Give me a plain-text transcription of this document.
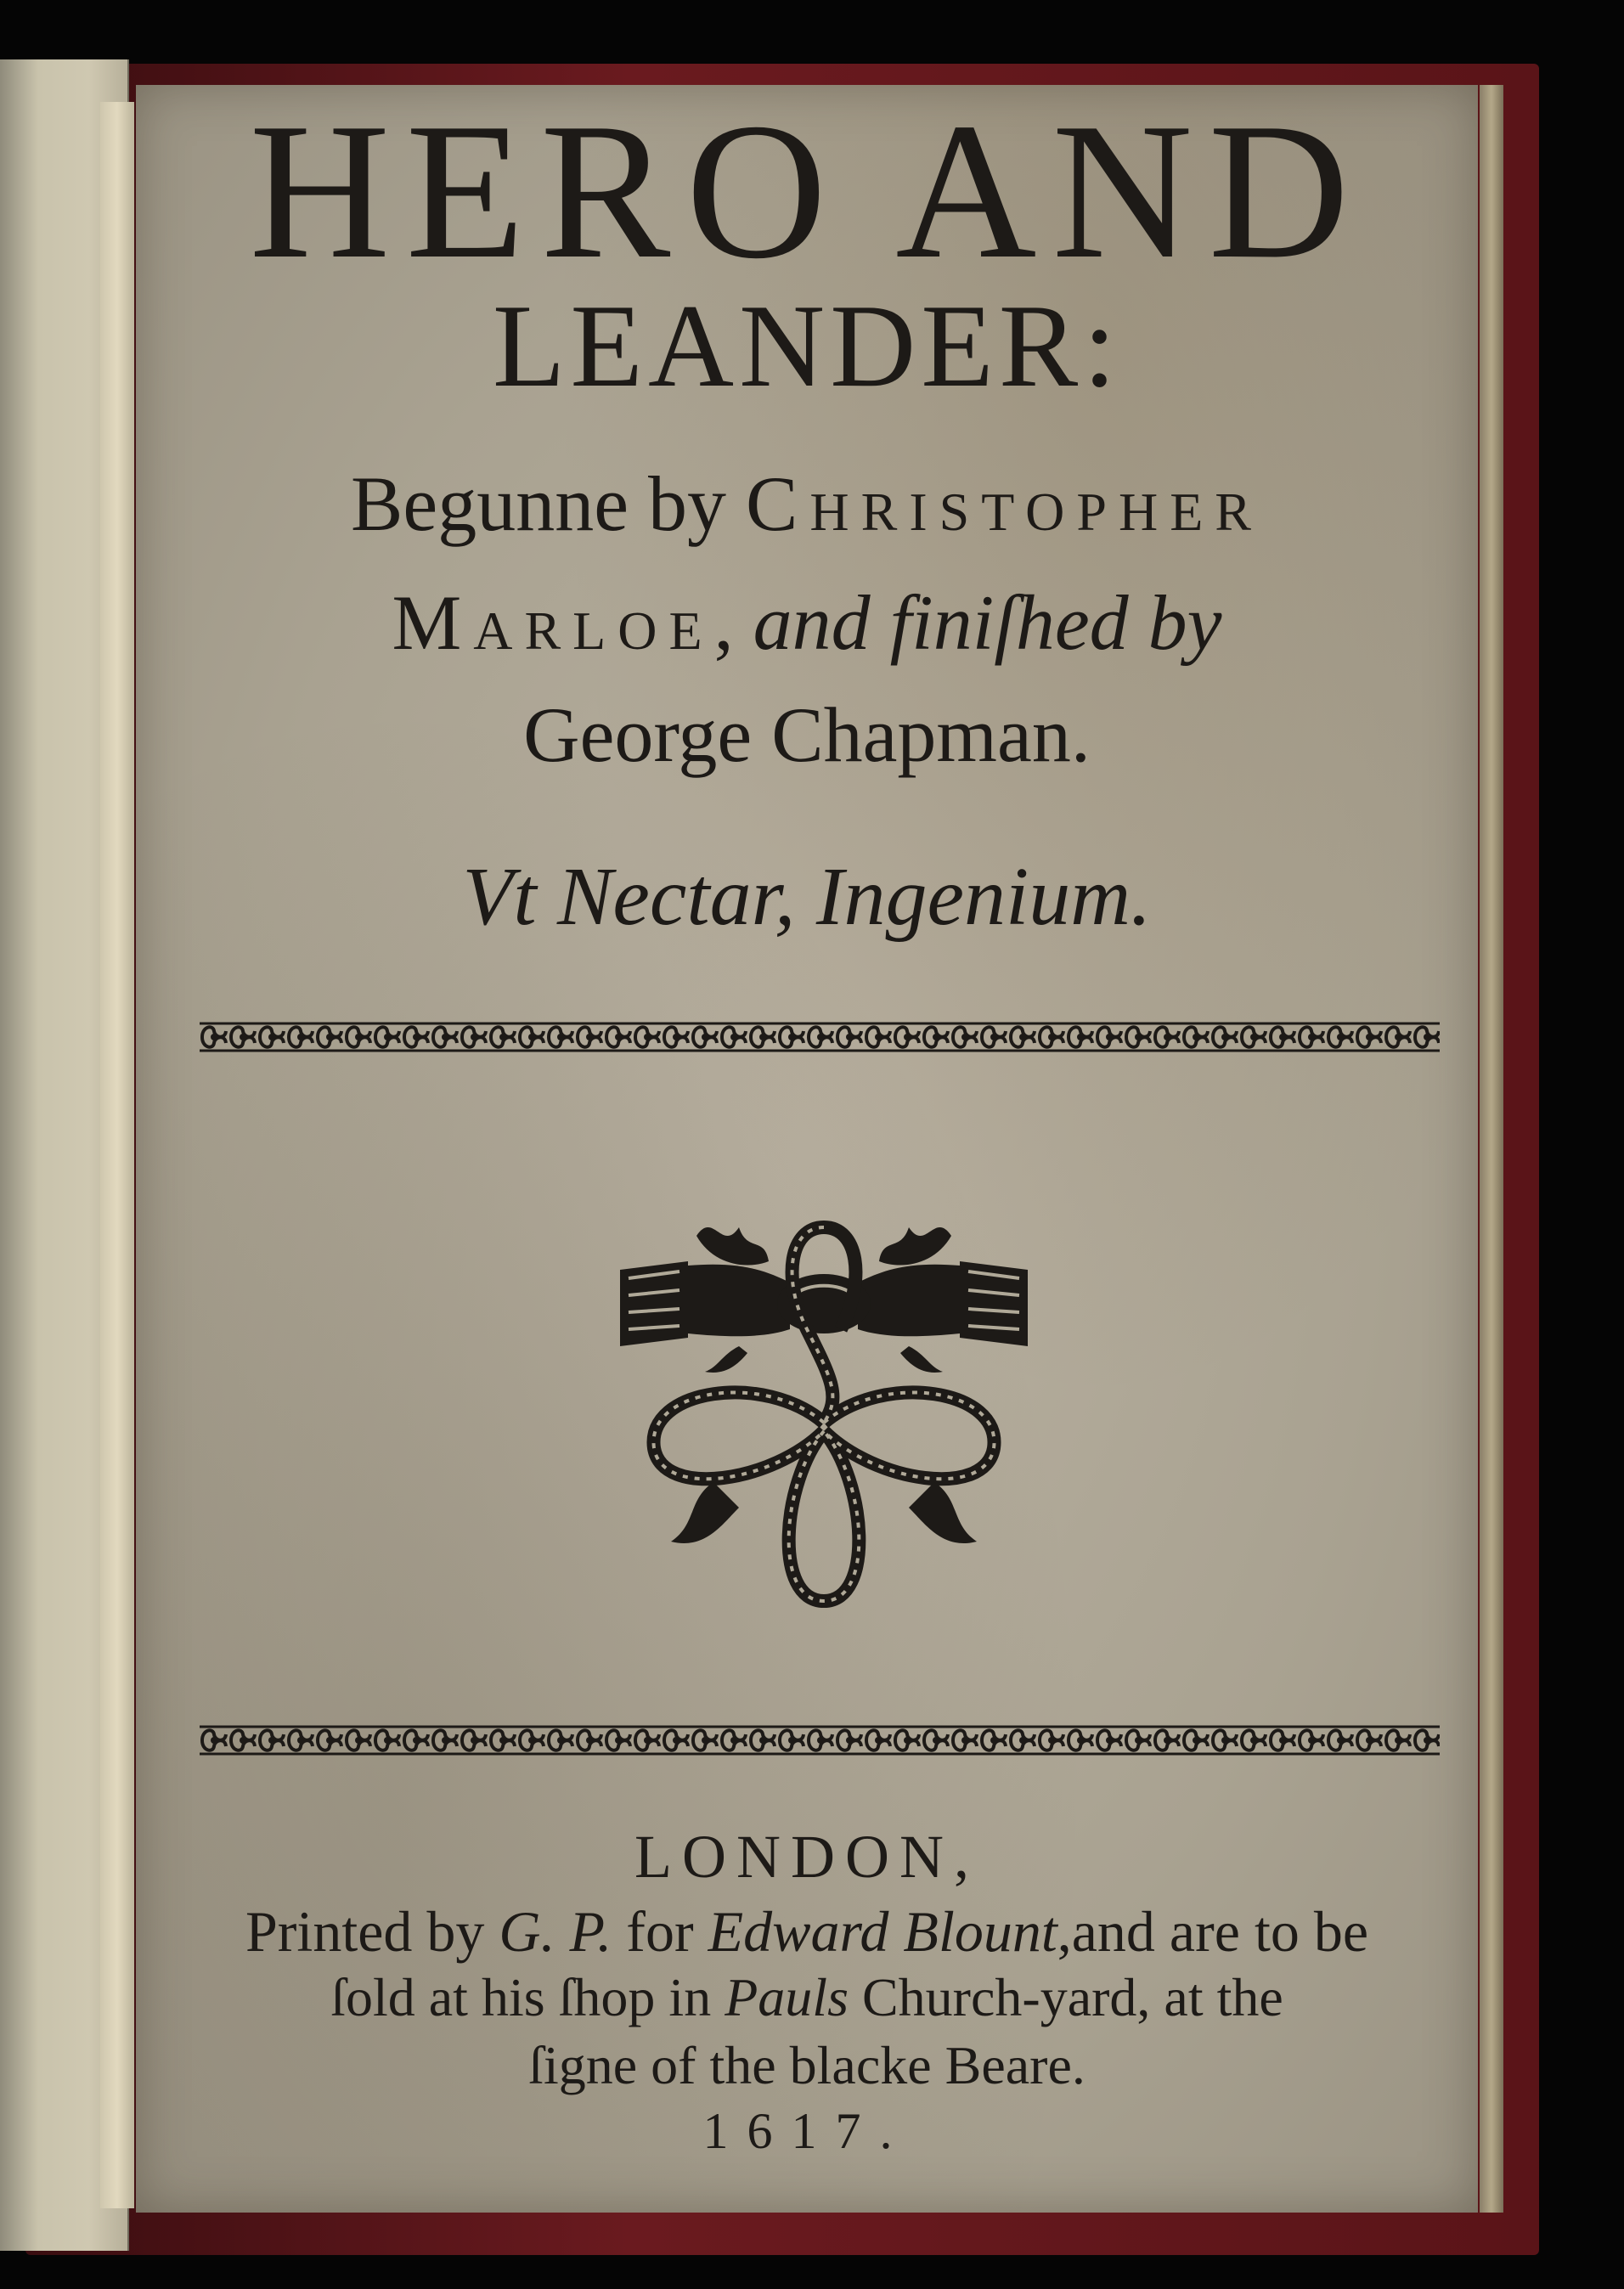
HERO AND
LEANDER:
Begunne by Christopher
Marloe, and finiſhed by
George Chapman.
Vt Nectar, Ingenium.
LONDON,
Printed by G. P. for Edward Blount,and are to be
ſold at his ſhop in Pauls Church-yard, at the
ſigne of the blacke Beare.
1617.
